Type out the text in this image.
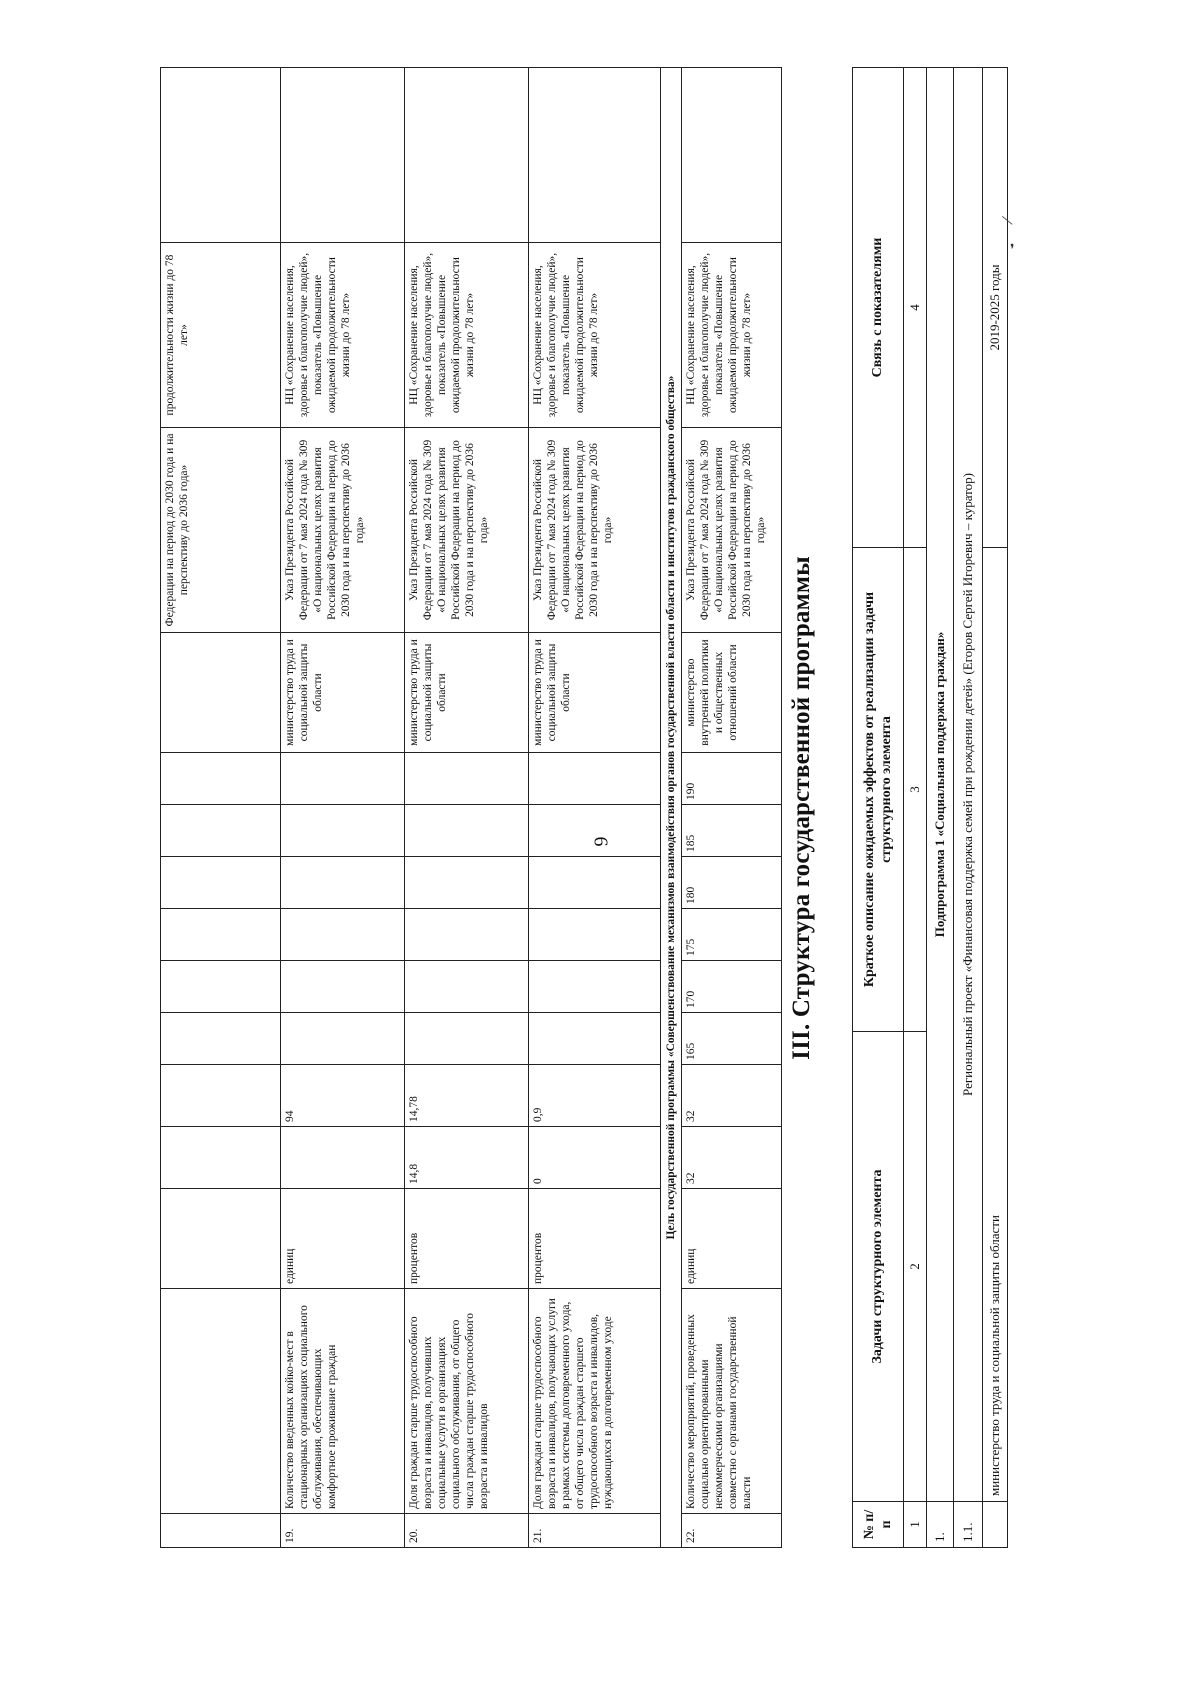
6
												Федерации на период до 2030 года и на перспективу до 2036 года»	продолжительности жизни до 78 лет»	
19.	Количество введенных койко-мест в стационарных организациях социального обслуживания, обеспечивающих комфортное проживание граждан	единиц		94							министерство труда и социальной защиты области	Указ Президента Российской Федерации от 7 мая 2024 года № 309 «О национальных целях развития Российской Федерации на период до 2030 года и на перспективу до 2036 года»	НЦ «Сохранение населения, здоровье и благополучие людей», показатель «Повышение ожидаемой продолжительности жизни до 78 лет»	
20.	Доля граждан старше трудоспособного возраста и инвалидов, получивших социальные услуги в организациях социального обслуживания, от общего числа граждан старше трудоспособного возраста и инвалидов	процентов	14,8	14,78							министерство труда и социальной защиты области	Указ Президента Российской Федерации от 7 мая 2024 года № 309 «О национальных целях развития Российской Федерации на период до 2030 года и на перспективу до 2036 года»	НЦ «Сохранение населения, здоровье и благополучие людей», показатель «Повышение ожидаемой продолжительности жизни до 78 лет»	
21.	Доля граждан старше трудоспособного возраста и инвалидов, получающих услуги в рамках системы долговременного ухода, от общего числа граждан старшего трудоспособного возраста и инвалидов, нуждающихся в долговременном уходе	процентов	0	0,9							министерство труда и социальной защиты области	Указ Президента Российской Федерации от 7 мая 2024 года № 309 «О национальных целях развития Российской Федерации на период до 2030 года и на перспективу до 2036 года»	НЦ «Сохранение населения, здоровье и благополучие людей», показатель «Повышение ожидаемой продолжительности жизни до 78 лет»	
Цель государственной программы «Совершенствование механизмов взаимодействия органов государственной власти области и институтов гражданского общества»														
22.	Количество мероприятий, проведенных социально ориентированными некоммерческими организациями совместно с органами государственной власти	единиц	32	32	165	170	175	180	185	190	министерство внутренней политики и общественных отношений области	Указ Президента Российской Федерации от 7 мая 2024 года № 309 «О национальных целях развития Российской Федерации на период до 2030 года и на перспективу до 2036 года»	НЦ «Сохранение населения, здоровье и благополучие людей», показатель «Повышение ожидаемой продолжительности жизни до 78 лет»	
III. Структура государственной программы
№ п/п	Задачи структурного элемента	Краткое описание ожидаемых эффектов от реализации задачи структурного элемента	Связь с показателями
1	2	3	4
1.	Подпрограмма 1 «Социальная поддержка граждан»		
1.1.	Региональный проект «Финансовая поддержка семей при рождении детей» (Егоров Сергей Игоревич – куратор)		
	министерство труда и социальной защиты области		2019-2025 годы
/
❜
